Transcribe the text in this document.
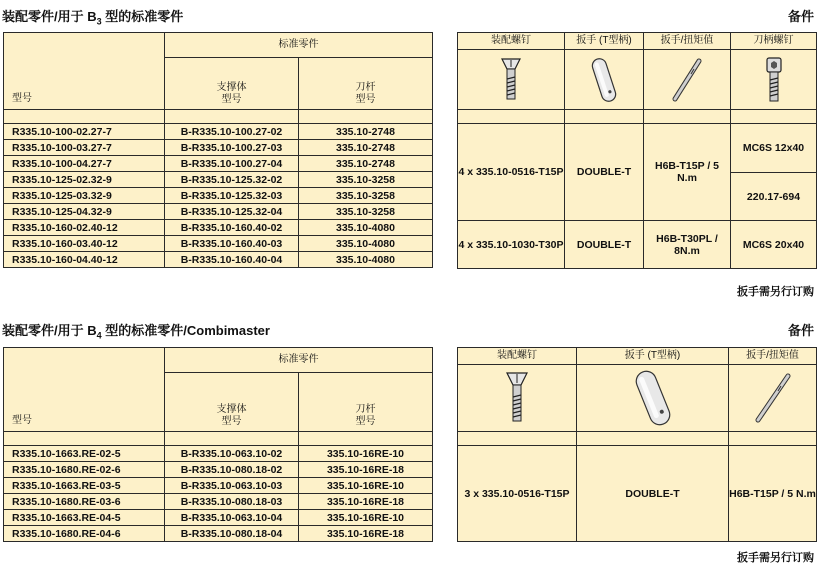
装配零件/用于 $B_3$ 型的标准零件	备件
型号	标准零件	
	支撑体
型号	刀杆
型号

R335.10-100-02.27-7	B-R335.10-100.27-02	335.10-2748
R335.10-100-03.27-7	B-R335.10-100.27-03	335.10-2748
R335.10-100-04.27-7	B-R335.10-100.27-04	335.10-2748
R335.10-125-02.32-9	B-R335.10-125.32-02	335.10-3258
R335.10-125-03.32-9	B-R335.10-125.32-03	335.10-3258
R335.10-125-04.32-9	B-R335.10-125.32-04	335.10-3258
R335.10-160-02.40-12	B-R335.10-160.40-02	335.10-4080
R335.10-160-03.40-12	B-R335.10-160.40-03	335.10-4080
R335.10-160-04.40-12	B-R335.10-160.40-04	335.10-4080
装配螺钉	扳手 (T型柄)	扳手/扭矩值	刀柄螺钉

4 x 335.10-0516-T15P	DOUBLE-T	H6B-T15P / 5 N.m	MC6S 12x40
			220.17-694
4 x 335.10-1030-T30P	DOUBLE-T	H6B-T30PL / 8N.m	MC6S 20x40
扳手需另行订购
装配零件/用于 $B_4$ 型的标准零件/Combimaster	备件
型号	标准零件	
	支撑体
型号	刀杆
型号

R335.10-1663.RE-02-5	B-R335.10-063.10-02	335.10-16RE-10
R335.10-1680.RE-02-6	B-R335.10-080.18-02	335.10-16RE-18
R335.10-1663.RE-03-5	B-R335.10-063.10-03	335.10-16RE-10
R335.10-1680.RE-03-6	B-R335.10-080.18-03	335.10-16RE-18
R335.10-1663.RE-04-5	B-R335.10-063.10-04	335.10-16RE-10
R335.10-1680.RE-04-6	B-R335.10-080.18-04	335.10-16RE-18
装配螺钉	扳手 (T型柄)	扳手/扭矩值

3 x 335.10-0516-T15P	DOUBLE-T	H6B-T15P / 5 N.m
扳手需另行订购
